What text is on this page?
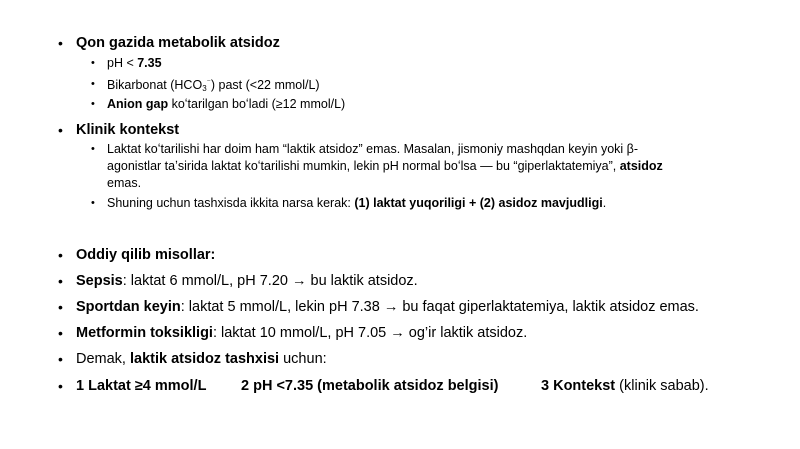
• Qon gazida metabolik atsidoz
• pH < 7.35
• Bikarbonat $(HCO_3^{^-})$ past (<22 mmol/L)
• Anion gap koʻtarilgan boʻladi (≥12 mmol/L)
• Klinik kontekst
• Laktat koʻtarilishi har doim ham “laktik atsidoz” emas. Masalan, jismoniy mashqdan keyin yoki β-
agonistlar taʼsirida laktat koʻtarilishi mumkin, lekin pH normal boʻlsa — bu “giperlaktatemiya”, atsidoz
emas.
• Shuning uchun tashxisda ikkita narsa kerak: (1) laktat yuqoriligi + (2) asidoz mavjudligi.
• Oddiy qilib misollar:
• Sepsis: laktat 6 mmol/L, pH 7.20 → bu laktik atsidoz.
• Sportdan keyin: laktat 5 mmol/L, lekin pH 7.38 → bu faqat giperlaktatemiya, laktik atsidoz emas.
• Metformin toksikligi: laktat 10 mmol/L, pH 7.05 → og’ir laktik atsidoz.
• Demak, laktik atsidoz tashxisi uchun:
• 1 Laktat ≥4 mmol/L 2 pH <7.35 (metabolik atsidoz belgisi)	3 Kontekst (klinik sabab).
